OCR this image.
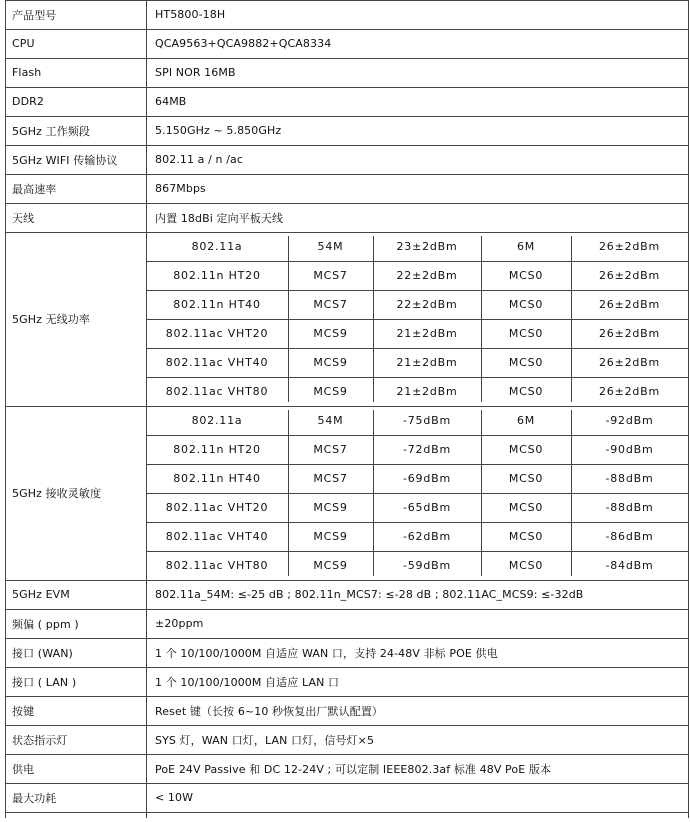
产品型号	HT5800-18H
CPU	QCA9563+QCA9882+QCA8334
Flash	SPI NOR 16MB
DDR2	64MB
5GHz 工作频段	5.150GHz ~ 5.850GHz
5GHz WIFI 传输协议	802.11 a / n /ac
最高速率	867Mbps
天线	内置 18dBi 定向平板天线
5GHz 无线功率
802.11a	54M	23±2dBm	6M	26±2dBm
802.11n HT20	MCS7	22±2dBm	MCS0	26±2dBm
802.11n HT40	MCS7	22±2dBm	MCS0	26±2dBm
802.11ac VHT20	MCS9	21±2dBm	MCS0	26±2dBm
802.11ac VHT40	MCS9	21±2dBm	MCS0	26±2dBm
802.11ac VHT80	MCS9	21±2dBm	MCS0	26±2dBm
5GHz 接收灵敏度
802.11a	54M	-75dBm	6M	-92dBm
802.11n HT20	MCS7	-72dBm	MCS0	-90dBm
802.11n HT40	MCS7	-69dBm	MCS0	-88dBm
802.11ac VHT20	MCS9	-65dBm	MCS0	-88dBm
802.11ac VHT40	MCS9	-62dBm	MCS0	-86dBm
802.11ac VHT80	MCS9	-59dBm	MCS0	-84dBm
5GHz EVM	802.11a_54M: ≤-25 dB ; 802.11n_MCS7: ≤-28 dB ; 802.11AC_MCS9: ≤-32dB
频偏 ( ppm )	±20ppm
接口 (WAN)	1 个 10/100/1000M 自适应 WAN 口，支持 24-48V 非标 POE 供电
接口 ( LAN )	1 个 10/100/1000M 自适应 LAN 口
按键	Reset 键（长按 6~10 秒恢复出厂默认配置）
状态指示灯	SYS 灯，WAN 口灯，LAN 口灯，信号灯×5
供电	PoE 24V Passive 和 DC 12-24V ; 可以定制 IEEE802.3af 标准 48V PoE 版本
最大功耗	< 10W
